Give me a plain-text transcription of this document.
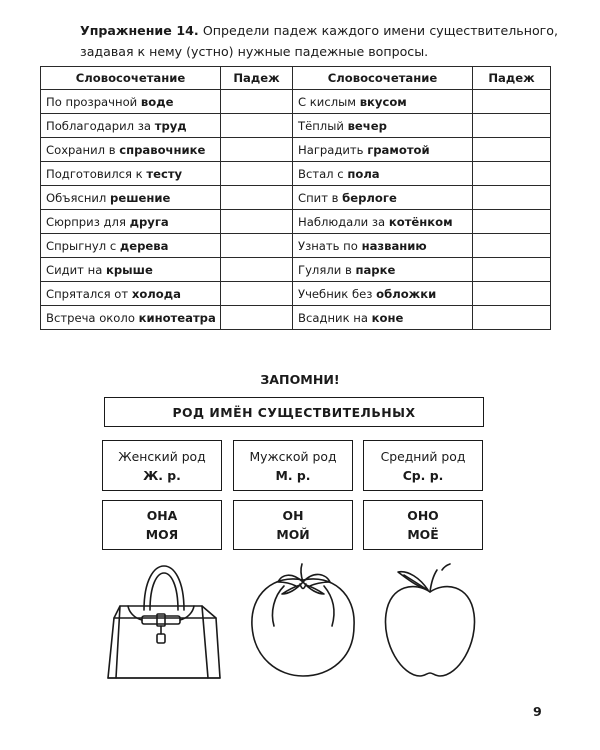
Упражнение 14. Определи падеж каждого имени существительного, задавая к нему (устно) нужные падежные вопросы.
Словосочетание	Падеж	Словосочетание	Падеж
По прозрачной воде		С кислым вкусом	
Поблагодарил за труд		Тёплый вечер	
Сохранил в справочнике		Наградить грамотой	
Подготовился к тесту		Встал с пола	
Объяснил решение		Спит в берлоге	
Сюрприз для друга		Наблюдали за котёнком	
Спрыгнул с дерева		Узнать по названию	
Сидит на крыше		Гуляли в парке	
Спрятался от холода		Учебник без обложки	
Встреча около кинотеатра		Всадник на коне	
ЗАПОМНИ!
РОД ИМЁН СУЩЕСТВИТЕЛЬНЫХ
Женский род
Ж. р.
Мужской род
М. р.
Средний род
Ср. р.
ОНА
МОЯ
ОН
МОЙ
ОНО
МОЁ
9
